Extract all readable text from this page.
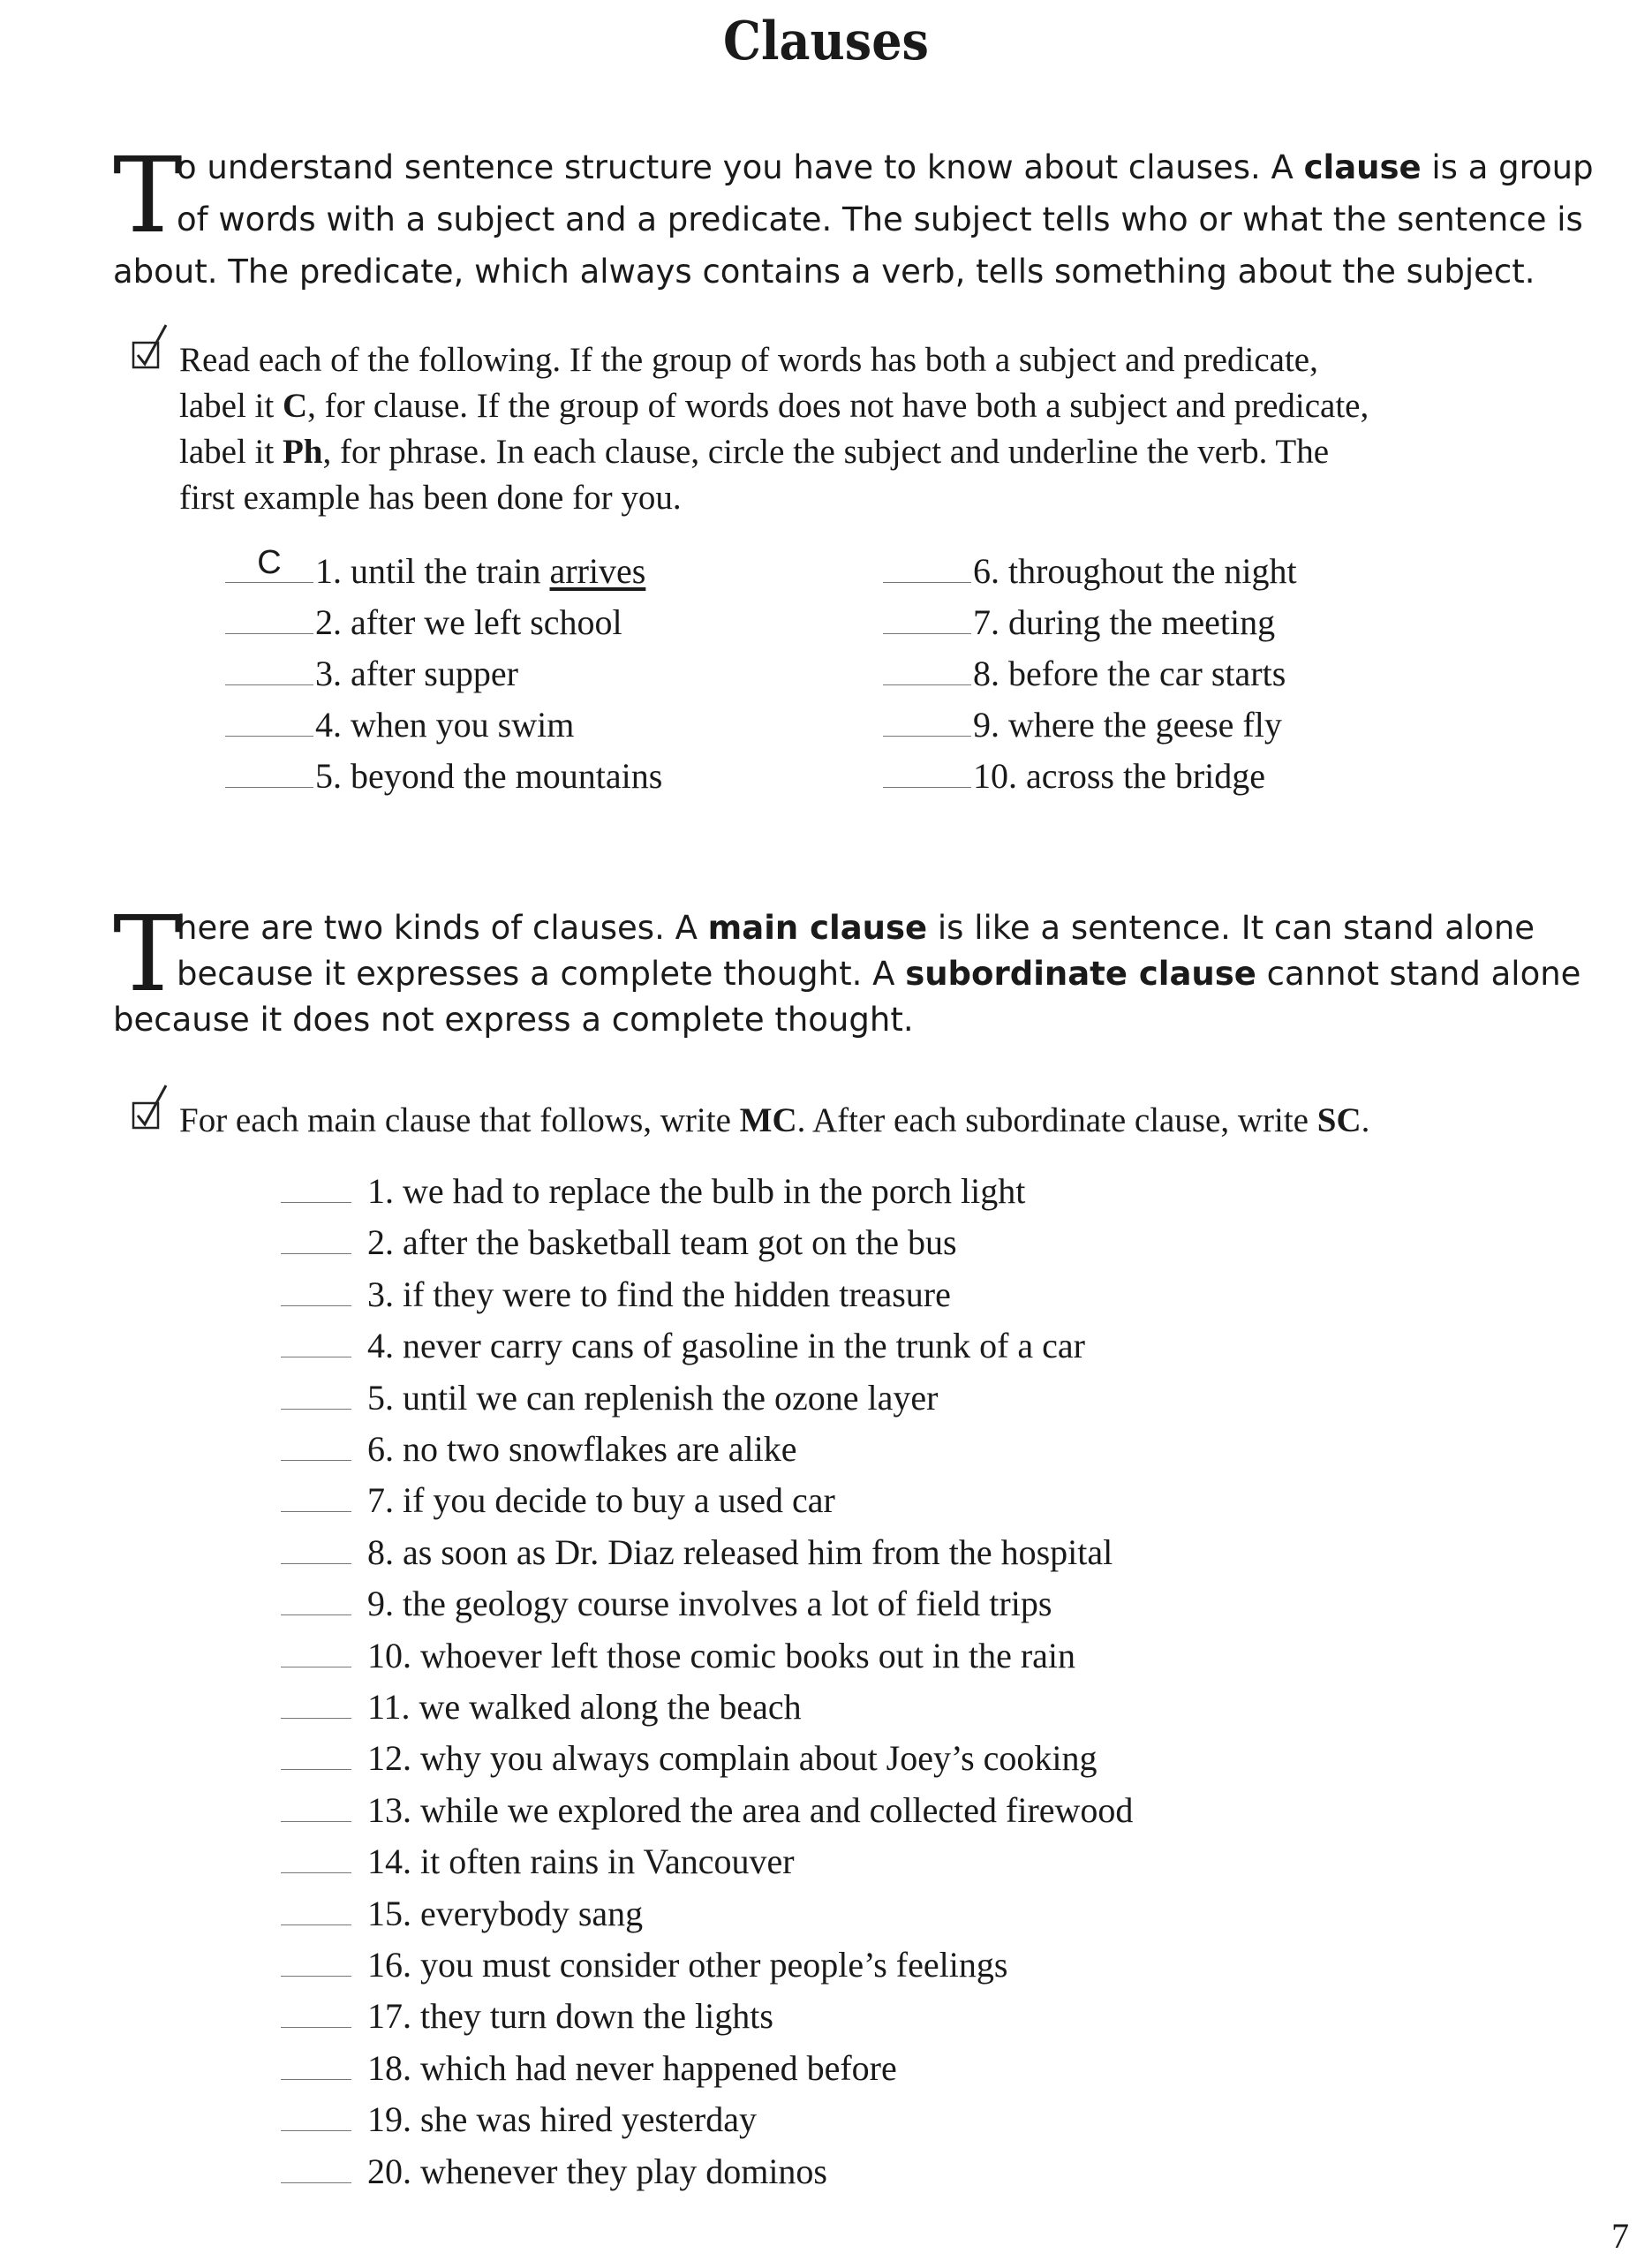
Clauses
T
o understand sentence structure you have to know about clauses. A clause is a group
of words with a subject and a predicate. The subject tells who or what the sentence is
about. The predicate, which always contains a verb, tells something about the subject.
Read each of the following. If the group of words has both a subject and predicate,
label it C, for clause. If the group of words does not have both a subject and predicate,
label it Ph, for phrase. In each clause, circle the subject and underline the verb. The
first example has been done for you.
C 1. until the train arrives
2. after we left school
3. after supper
4. when you swim
5. beyond the mountains
6. throughout the night
7. during the meeting
8. before the car starts
9. where the geese fly
10. across the bridge
T
here are two kinds of clauses. A main clause is like a sentence. It can stand alone
because it expresses a complete thought. A subordinate clause cannot stand alone
because it does not express a complete thought.
For each main clause that follows, write MC. After each subordinate clause, write SC.
1. we had to replace the bulb in the porch light
2. after the basketball team got on the bus
3. if they were to find the hidden treasure
4. never carry cans of gasoline in the trunk of a car
5. until we can replenish the ozone layer
6. no two snowflakes are alike
7. if you decide to buy a used car
8. as soon as Dr. Diaz released him from the hospital
9. the geology course involves a lot of field trips
10. whoever left those comic books out in the rain
11. we walked along the beach
12. why you always complain about Joey’s cooking
13. while we explored the area and collected firewood
14. it often rains in Vancouver
15. everybody sang
16. you must consider other people’s feelings
17. they turn down the lights
18. which had never happened before
19. she was hired yesterday
20. whenever they play dominos
7
